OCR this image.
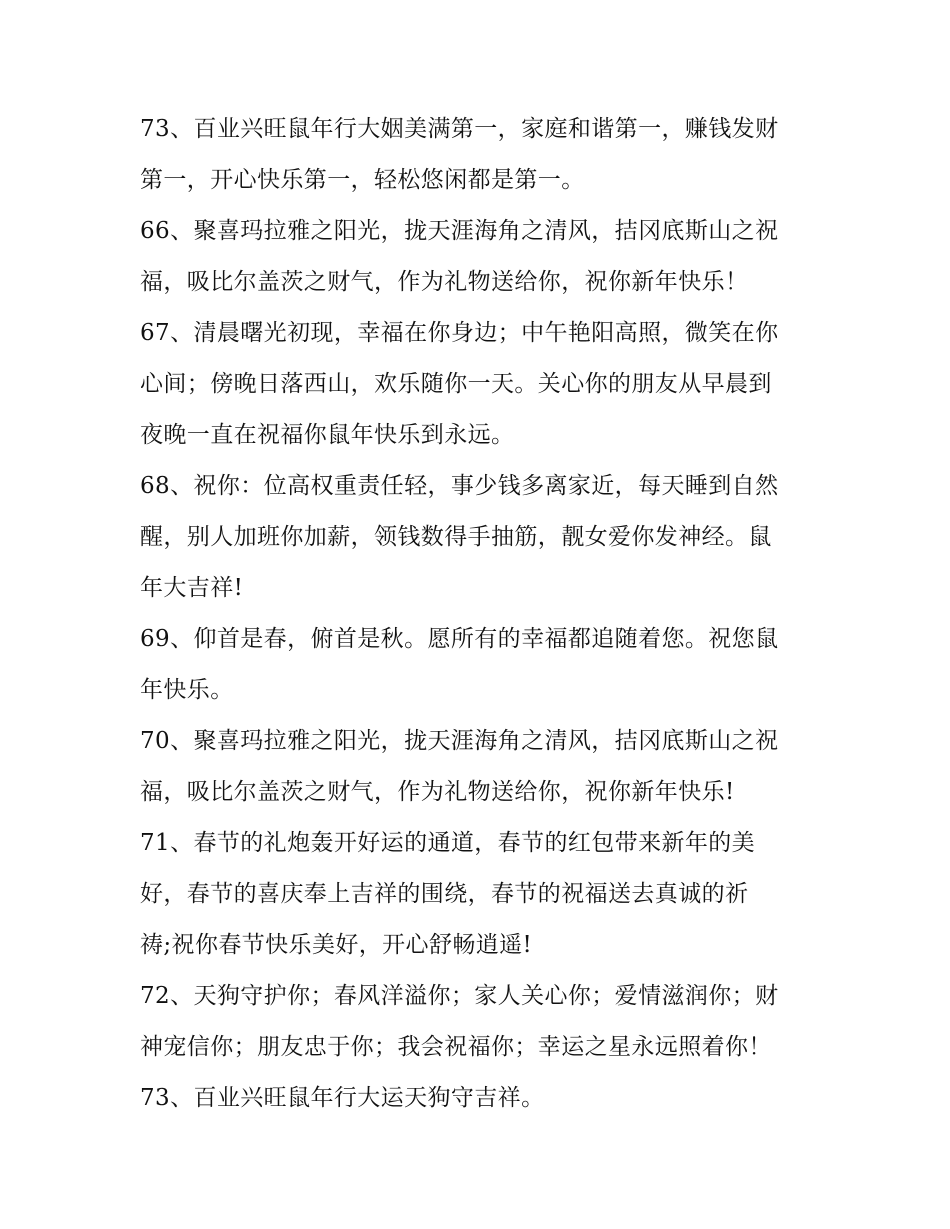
73、百业兴旺鼠年行大姻美满第一，家庭和谐第一，赚钱发财
第一，开心快乐第一，轻松悠闲都是第一。

66、聚喜玛拉雅之阳光，拢天涯海角之清风，拮冈底斯山之祝
福，吸比尔盖茨之财气，作为礼物送给你，祝你新年快乐！

67、清晨曙光初现，幸福在你身边；中午艳阳高照，微笑在你
心间；傍晚日落西山，欢乐随你一天。关心你的朋友从早晨到
夜晚一直在祝福你鼠年快乐到永远。

68、祝你：位高权重责任轻，事少钱多离家近，每天睡到自然
醒，别人加班你加薪，领钱数得手抽筋，靓女爱你发神经。鼠
年大吉祥!

69、仰首是春，俯首是秋。愿所有的幸福都追随着您。祝您鼠
年快乐。

70、聚喜玛拉雅之阳光，拢天涯海角之清风，拮冈底斯山之祝
福，吸比尔盖茨之财气，作为礼物送给你，祝你新年快乐!

71、春节的礼炮轰开好运的通道，春节的红包带来新年的美
好，春节的喜庆奉上吉祥的围绕，春节的祝福送去真诚的祈
祷;祝你春节快乐美好，开心舒畅逍遥!

72、天狗守护你；春风洋溢你；家人关心你；爱情滋润你；财
神宠信你；朋友忠于你；我会祝福你；幸运之星永远照着你！

73、百业兴旺鼠年行大运天狗守吉祥。
